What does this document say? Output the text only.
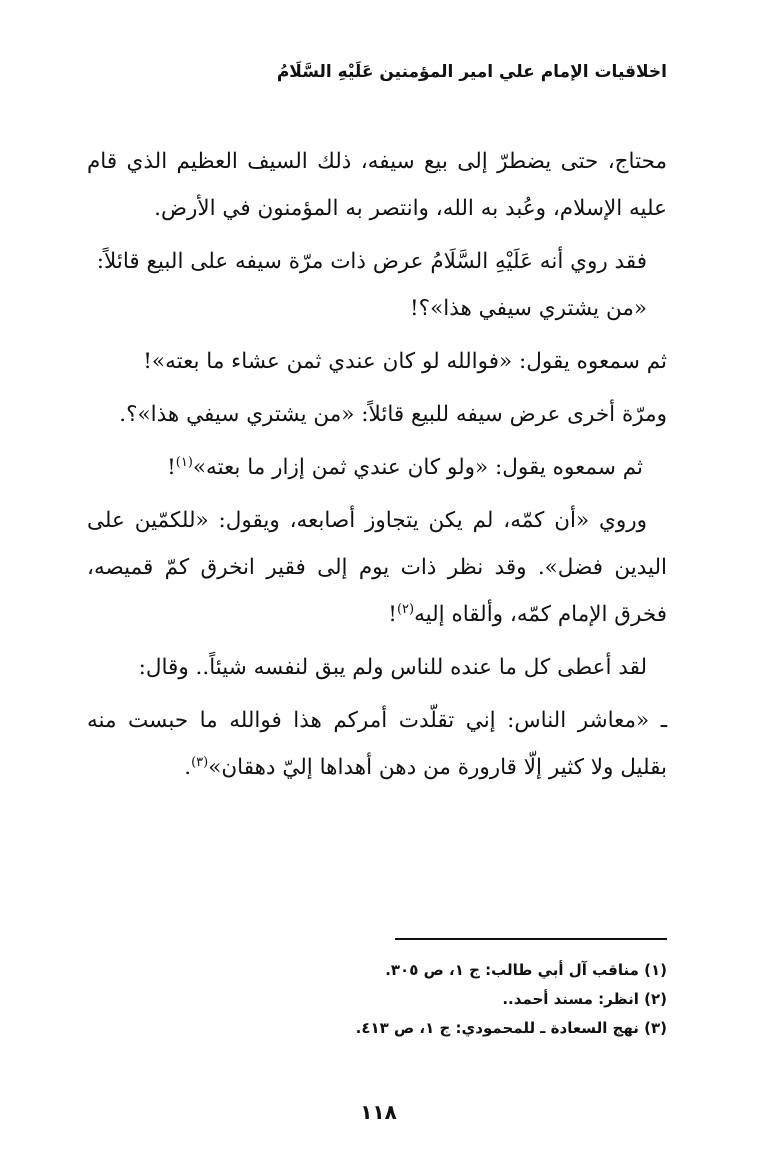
اخلاقيات الإمام علي امير المؤمنين عَلَيْهِ السَّلَامُ

محتاج، حتى يضطرّ إلى بيع سيفه، ذلك السيف العظيم الذي قام عليه الإسلام، وعُبد به الله، وانتصر به المؤمنون في الأرض.

فقد روي أنه عَلَيْهِ السَّلَامُ عرض ذات مرّة سيفه على البيع قائلاً:

«من يشتري سيفي هذا»؟!

ثم سمعوه يقول: «فوالله لو كان عندي ثمن عشاء ما بعته»!

ومرّة أخرى عرض سيفه للبيع قائلاً: «من يشتري سيفي هذا»؟.

ثم سمعوه يقول: «ولو كان عندي ثمن إزار ما بعته»$^{(١)}$!

وروي «أن كمّه، لم يكن يتجاوز أصابعه، ويقول: «للكمّين على اليدين فضل». وقد نظر ذات يوم إلى فقير انخرق كمّ قميصه، فخرق الإمام كمّه، وألقاه إليه$^{(٢)}$!

لقد أعطى كل ما عنده للناس ولم يبق لنفسه شيئاً.. وقال:

ـ «معاشر الناس: إني تقلّدت أمركم هذا فوالله ما حبست منه بقليل ولا كثير إلّا قارورة من دهن أهداها إليّ دهقان»$^{(٣)}$.

(١) مناقب آل أبي طالب: ج ١، ص ٣٠٥.
(٢) انظر: مسند أحمد..
(٣) نهج السعادة ـ للمحمودي: ج ١، ص ٤١٣.
١١٨
